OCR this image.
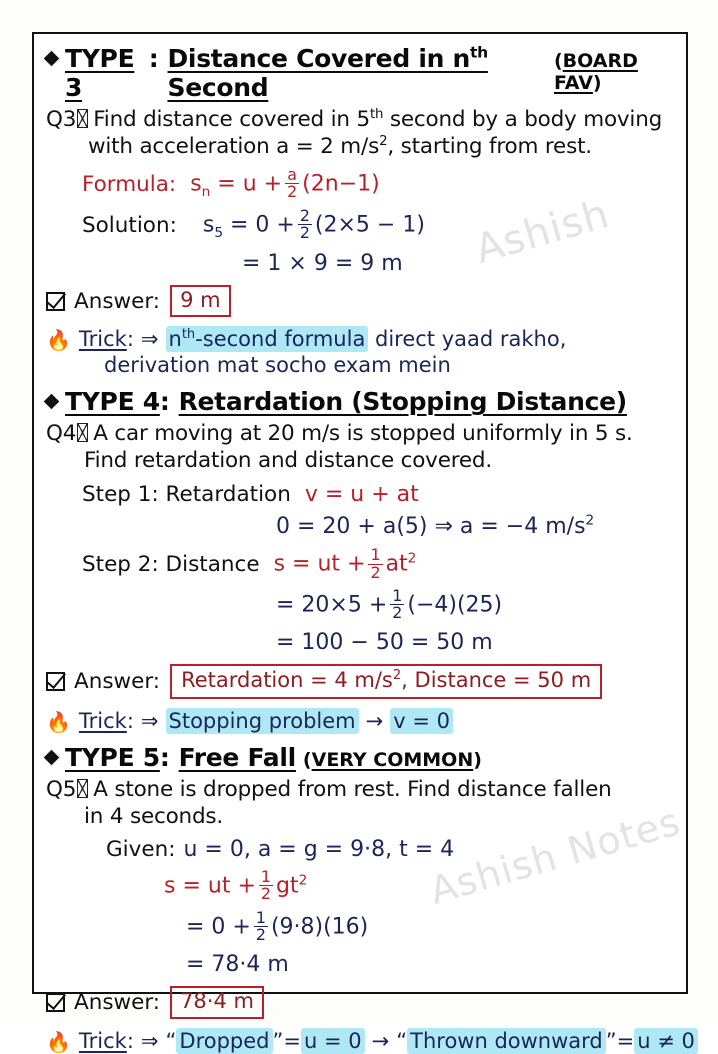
Ashish
Ashish Notes
TYPE 3
: Distance Covered in $n^{th}$ Second
(BOARD FAV)
Q3 Find distance covered in 5th second by a body moving
with acceleration a = 2 $m/s^2$, starting from rest.
Formula: $s_n = u + \frac{a}{2} (2n-1)$
Solution: $s_5 = 0 + \frac{2}{2} (2\times 5 - 1)$
= 1 × 9 = 9 m
Answer: 9 m
🔥 Trick : ⇒ $n^{th}$-second formula direct yaad rakho,
derivation mat socho exam mein
TYPE 4 : Retardation (Stopping Distance)
Q4 A car moving at 20 m/s is stopped uniformly in 5 s.
Find retardation and distance covered.
Step 1: Retardation v = u + at
0 = 20 + a(5) ⇒ a = −4 $m/s^2$
Step 2: Distance s = ut + $\frac{1}{2} at^2$
= $20\times 5 + \frac{1}{2} (-4)(25)$
= 100 − 50 = 50 m
Answer:	Retardation = 4 $m/s^2$, Distance = 50 m
🔥 Trick : ⇒ Stopping problem → v = 0
TYPE 5 : Free Fall (VERY COMMON)
Q5 A stone is dropped from rest. Find distance fallen
in 4 seconds.
Given: u = 0, a = g = 9·8, t = 4
s = ut + $\frac{1}{2} gt^2$
= $0 + \frac{1}{2} (9\cdot 8)(16)$
= 78·4 m
Answer: 78·4 m
🔥 Trick : ⇒ “ Dropped ”= u = 0 → “ Thrown downward ”= u ≠ 0
